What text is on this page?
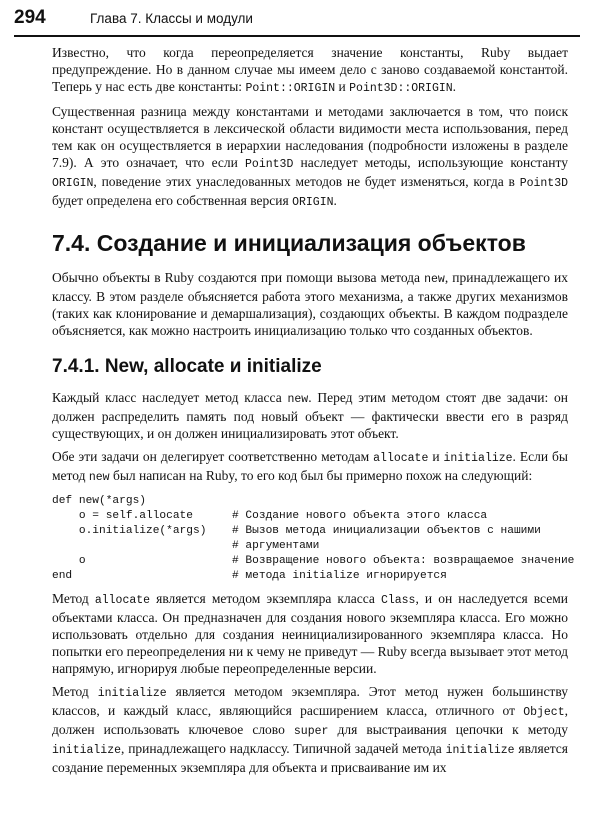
294	Глава 7. Классы и модули

Известно, что когда переопределяется значение константы, Ruby выдает предупреждение. Но в данном случае мы имеем дело с заново создаваемой константой. Теперь у нас есть две константы: Point::ORIGIN и Point3D::ORIGIN.

Существенная разница между константами и методами заключается в том, что поиск констант осуществляется в лексической области видимости места использования, перед тем как он осуществляется в иерархии наследования (подробности изложены в разделе 7.9). А это означает, что если Point3D наследует методы, использующие константу ORIGIN, поведение этих унаследованных методов не будет изменяться, когда в Point3D будет определена его собственная версия ORIGIN.

7.4. Создание и инициализация объектов

Обычно объекты в Ruby создаются при помощи вызова метода new, принадлежащего их классу. В этом разделе объясняется работа этого механизма, а также других механизмов (таких как клонирование и демаршализация), создающих объекты. В каждом подразделе объясняется, как можно настроить инициализацию только что созданных объектов.

7.4.1. New, allocate и initialize

Каждый класс наследует метод класса new. Перед этим методом стоят две задачи: он должен распределить память под новый объект — фактически ввести его в разряд существующих, и он должен инициализировать этот объект.

Обе эти задачи он делегирует соответственно методам allocate и initialize. Если бы метод new был написан на Ruby, то его код был бы примерно похож на следующий:

def new(*args)
o = self.allocate	# Создание нового объекта этого класса
o.initialize(*args)	# Вызов метода инициализации объектов с нашими
# аргументами
o	# Возвращение нового объекта: возвращаемое значение
end	# метода initialize игнорируется

Метод allocate является методом экземпляра класса Class, и он наследуется всеми объектами класса. Он предназначен для создания нового экземпляра класса. Его можно использовать отдельно для создания неинициализированного экземпляра класса. Но попытки его переопределения ни к чему не приведут — Ruby всегда вызывает этот метод напрямую, игнорируя любые переопределенные версии.

Метод initialize является методом экземпляра. Этот метод нужен большинству классов, и каждый класс, являющийся расширением класса, отличного от Object, должен использовать ключевое слово super для выстраивания цепочки к методу initialize, принадлежащего надклассу. Типичной задачей метода initialize является создание переменных экземпляра для объекта и присваивание им их
